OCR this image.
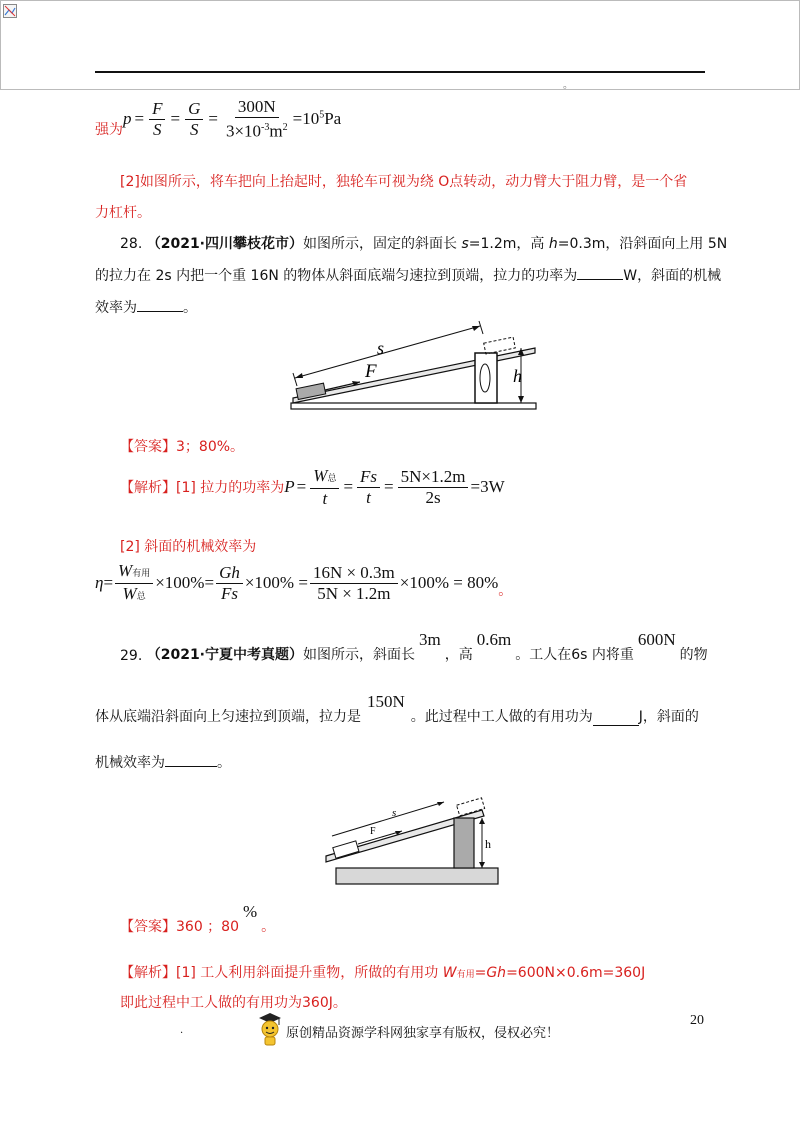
。
强为
$p = \frac{F}{S} = \frac{G}{S} = \frac{300N}{3\times 10^{-3}m^2} =10^5Pa$
[2]如图所示，将车把向上抬起时，独轮车可视为绕 O点转动，动力臂大于阻力臂，是一个省
力杠杆。
28. （2021·四川攀枝花市）如图所示，固定的斜面长 s=1.2m，高 h=0.3m，沿斜面向上用 5N
的拉力在 2s 内把一个重 16N 的物体从斜面底端匀速拉到顶端，拉力的功率为	W，斜面的机械
效率为	。
s
F	h
【答案】3；80%。
【解析】 [1] 拉力的功率为 $P = \frac{\text{W总}}{t} = \frac{Fs}{t} = \frac{5N\times 1.2m}{2s} =3W$
[2] 斜面的机械效率为
$\eta = \frac{\text{W有用}}{\text{W总}} \times 100\%= \frac{Gh}{Fs} \times 100\% = \frac{16N \times 0.3m}{5N \times 1.2m} \times 100\% = 80\%$ 。
29.
（2021·宁夏中考真题） 如图所示，斜面长
3m
，高
0.6m
。工人在6s 内将重
600N
的物
体从底端沿斜面向上匀速拉到顶端，拉力是
150N
。此过程中工人做的有用功为	J，斜面的
机械效率为	。
s
F
h
【答案】 360 ；80
%
。
【解析】[1] 工人利用斜面提升重物，所做的有用功 W有用=Gh=600N×0.6m=360J
即此过程中工人做的有用功为360J。
20
.	原创精品资源学科网独家享有版权，侵权必究！
